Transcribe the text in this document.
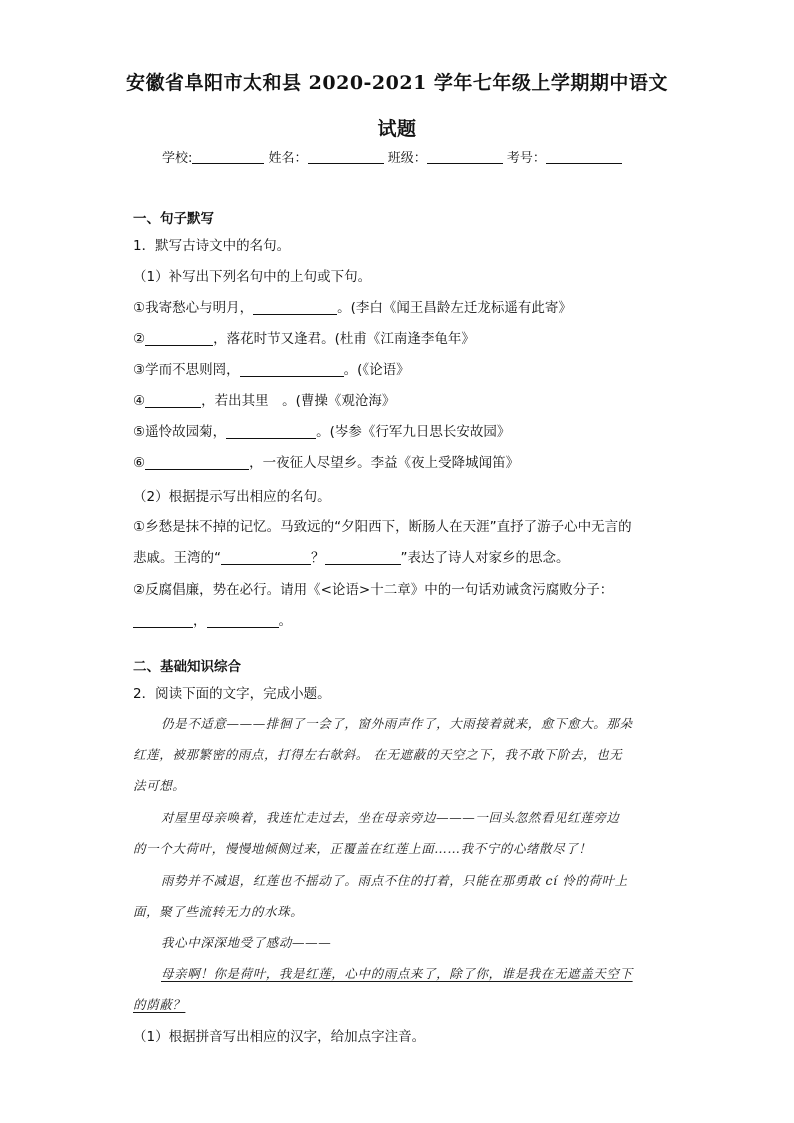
安徽省阜阳市太和县 2020-2021 学年七年级上学期期中语文
试题
学校:	姓名：	班级：	考号：
一、句子默写
1．默写古诗文中的名句。
（1）补写出下列名句中的上句或下句。
①我寄愁心与明月，	。(李白《闻王昌龄左迁龙标遥有此寄》
②	，落花时节又逢君。(杜甫《江南逢李龟年》
③学而不思则罔，	。(《论语》
④	，若出其里　。(曹操《观沧海》
⑤遥怜故园菊，	。(岑参《行军九日思长安故园》
⑥	，一夜征人尽望乡。李益《夜上受降城闻笛》
（2）根据提示写出相应的名句。
①乡愁是抹不掉的记忆。马致远的“夕阳西下，断肠人在天涯”直抒了游子心中无言的
悲戚。王湾的“	？	”表达了诗人对家乡的思念。
②反腐倡廉，势在必行。请用《<论语>十二章》中的一句话劝诫贪污腐败分子：
，	。
二、基础知识综合
2．阅读下面的文字，完成小题。
仍是不适意———排徊了一会了，窗外雨声作了，大雨接着就来，愈下愈大。那朵
红莲，被那繁密的雨点，打得左右欹斜。 在无遮蔽的天空之下，我不敢下阶去，也无
法可想。
对屋里母亲唤着，我连忙走过去，坐在母亲旁边———一回头忽然看见红莲旁边
的一个大荷叶，慢慢地倾侧过来，正覆盖在红莲上面……我不宁的心绪散尽了！
雨势并不减退，红莲也不摇动了。雨点不住的打着，只能在那勇敢 cí 怜的荷叶上
面，聚了些流转无力的水珠。
我心中深深地受了感动———
母亲啊！你是荷叶，我是红莲，心中的雨点来了，除了你，谁是我在无遮盖天空下
的荫蔽？
（1）根据拼音写出相应的汉字，给加点字注音。
